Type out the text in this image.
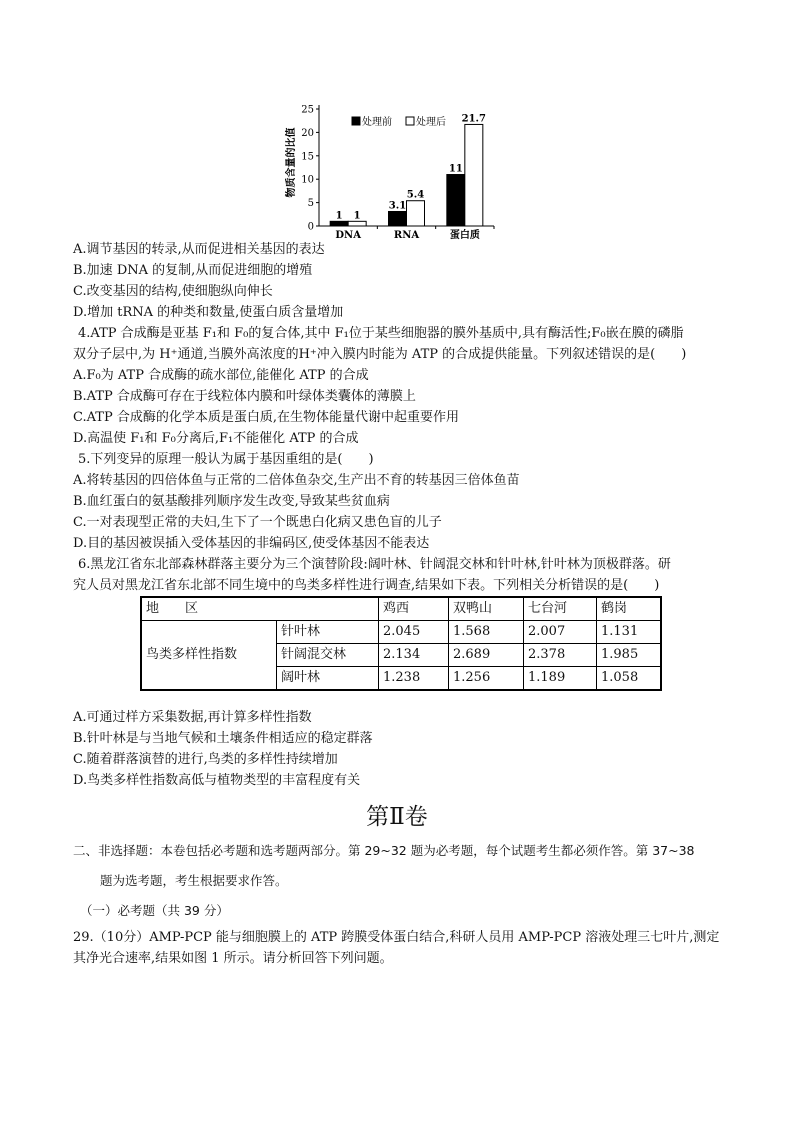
0
5
10
15
20
25
物质含量的比值
1 1
DNA
3.1
5.4
RNA
11
21.7
蛋白质
处理前 处理后
A.调节基因的转录,从而促进相关基因的表达
B.加速 DNA 的复制,从而促进细胞的增殖
C.改变基因的结构,使细胞纵向伸长
D.增加 tRNA 的种类和数量,使蛋白质含量增加
4.ATP 合成酶是亚基 F₁和 F₀的复合体,其中 F₁位于某些细胞器的膜外基质中,具有酶活性;F₀嵌在膜的磷脂
双分子层中,为 H⁺通道,当膜外高浓度的H⁺冲入膜内时能为 ATP 的合成提供能量。下列叙述错误的是(　　)
A.F₀为 ATP 合成酶的疏水部位,能催化 ATP 的合成
B.ATP 合成酶可存在于线粒体内膜和叶绿体类囊体的薄膜上
C.ATP 合成酶的化学本质是蛋白质,在生物体能量代谢中起重要作用
D.高温使 F₁和 F₀分离后,F₁不能催化 ATP 的合成
5.下列变异的原理一般认为属于基因重组的是(　　)
A.将转基因的四倍体鱼与正常的二倍体鱼杂交,生产出不育的转基因三倍体鱼苗
B.血红蛋白的氨基酸排列顺序发生改变,导致某些贫血病
C.一对表现型正常的夫妇,生下了一个既患白化病又患色盲的儿子
D.目的基因被误插入受体基因的非编码区,使受体基因不能表达
6.黑龙江省东北部森林群落主要分为三个演替阶段:阔叶林、针阔混交林和针叶林,针叶林为顶极群落。研
究人员对黑龙江省东北部不同生境中的鸟类多样性进行调查,结果如下表。下列相关分析错误的是(　　)
地　　区		鸡西	双鸭山	七台河	鹤岗
鸟类多样性指数	针叶林	2.045	1.568	2.007	1.131
	针阔混交林	2.134	2.689	2.378	1.985
	阔叶林	1.238	1.256	1.189	1.058
A.可通过样方采集数据,再计算多样性指数
B.针叶林是与当地气候和土壤条件相适应的稳定群落
C.随着群落演替的进行,鸟类的多样性持续增加
D.鸟类多样性指数高低与植物类型的丰富程度有关
第Ⅱ卷
二、非选择题：本卷包括必考题和选考题两部分。第 29~32 题为必考题，每个试题考生都必须作答。第 37~38
题为选考题，考生根据要求作答。
（一）必考题（共 39 分）
29.（10分）AMP-PCP 能与细胞膜上的 ATP 跨膜受体蛋白结合,科研人员用 AMP-PCP 溶液处理三七叶片,测定
其净光合速率,结果如图 1 所示。请分析回答下列问题。
